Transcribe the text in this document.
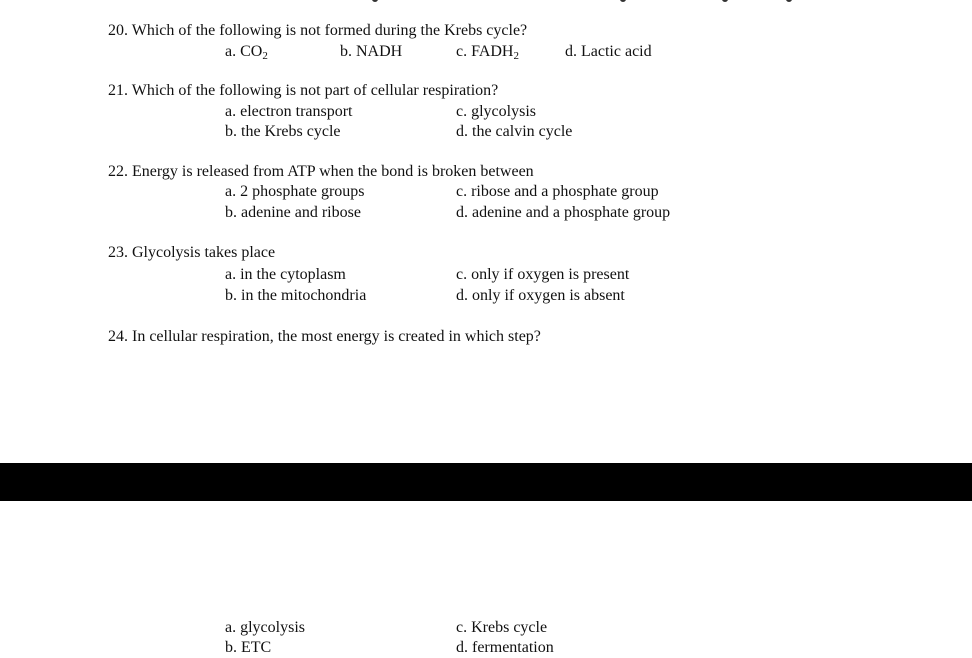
20. Which of the following is not formed during the Krebs cycle?
a. $CO_2$	b. NADH	c. $FADH_2$	d. Lactic acid
21. Which of the following is not part of cellular respiration?
a. electron transport
b. the Krebs cycle
c. glycolysis
d. the calvin cycle
22. Energy is released from ATP when the bond is broken between
a. 2 phosphate groups
b. adenine and ribose
c. ribose and a phosphate group
d. adenine and a phosphate group
23. Glycolysis takes place
a. in the cytoplasm
b. in the mitochondria
c. only if oxygen is present
d. only if oxygen is absent
24. In cellular respiration, the most energy is created in which step?
a. glycolysis
b. ETC
c. Krebs cycle
d. fermentation
